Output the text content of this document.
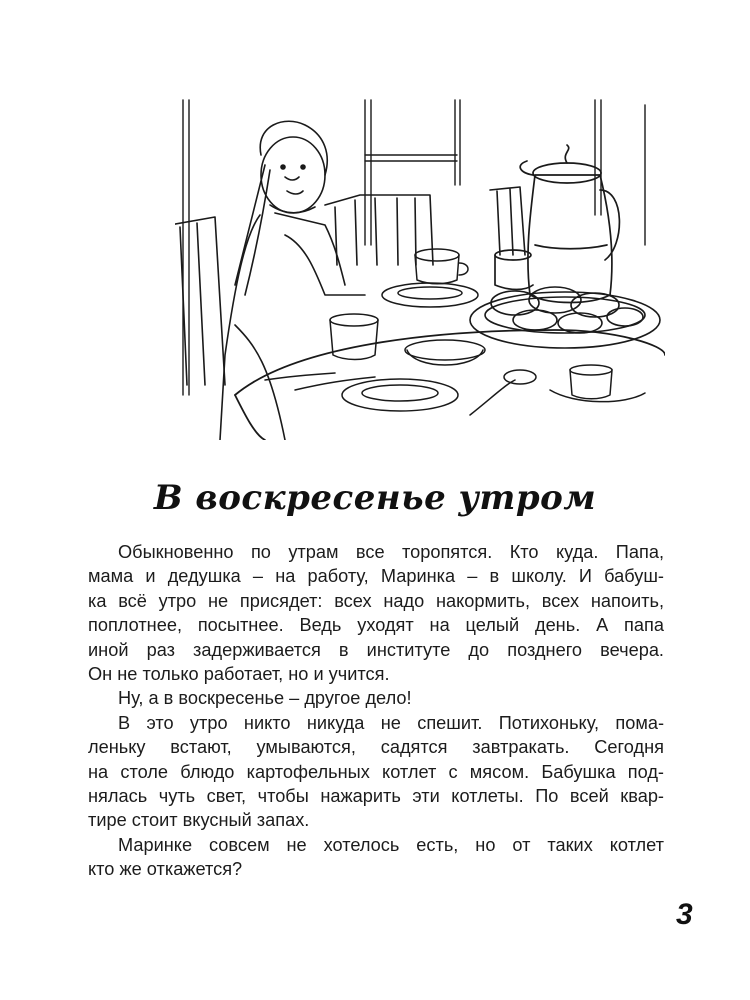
В воскресенье утром
Обыкновенно по утрам все торопятся. Кто куда. Папа,
мама и дедушка – на работу, Маринка – в школу. И бабуш-
ка всё утро не присядет: всех надо накормить, всех напоить,
поплотнее, посытнее. Ведь уходят на целый день. А папа
иной раз задерживается в институте до позднего вечера.
Он не только работает, но и учится.
Ну, а в воскресенье – другое дело!
В это утро никто никуда не спешит. Потихоньку, пома-
леньку встают, умываются, садятся завтракать. Сегодня
на столе блюдо картофельных котлет с мясом. Бабушка под-
нялась чуть свет, чтобы нажарить эти котлеты. По всей квар-
тире стоит вкусный запах.
Маринке совсем не хотелось есть, но от таких котлет
кто же откажется?
3
